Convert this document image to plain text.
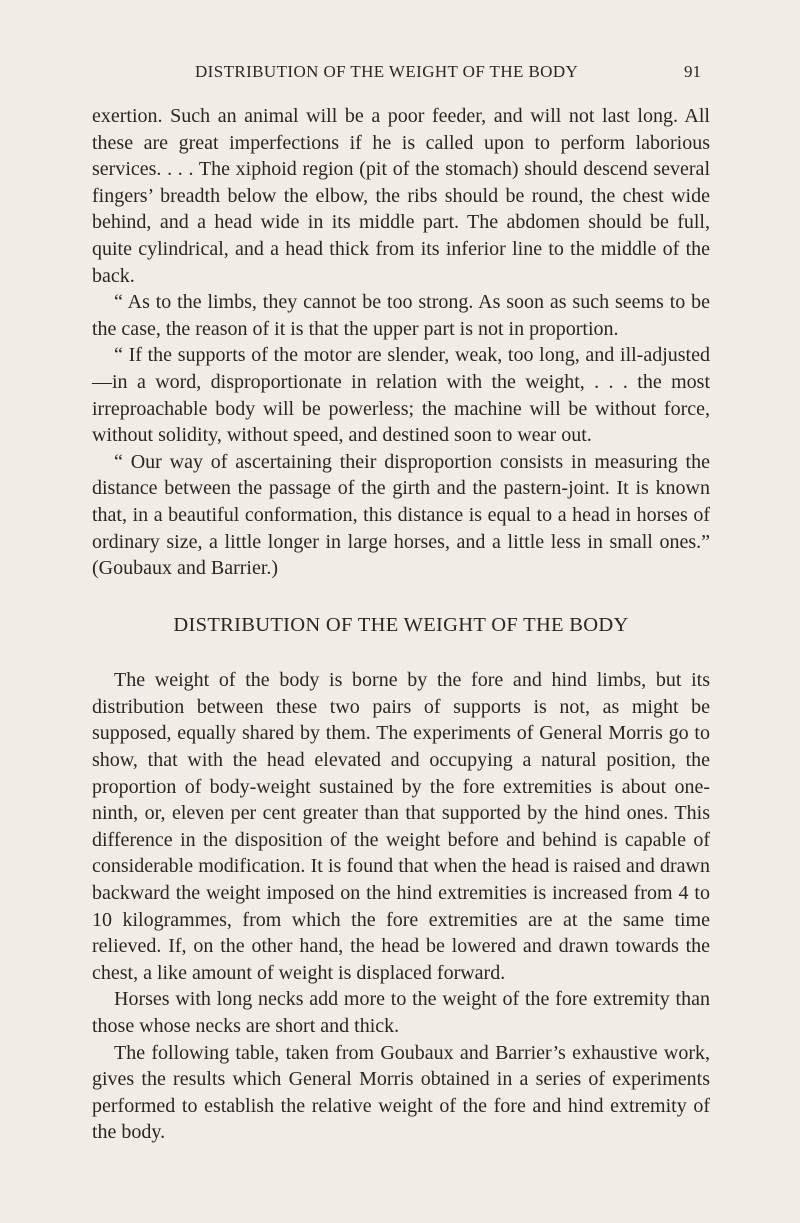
DISTRIBUTION OF THE WEIGHT OF THE BODY	91

exertion. Such an animal will be a poor feeder, and will not last long. All these are great imperfections if he is called upon to perform laborious services. . . . The xiphoid region (pit of the stomach) should descend several fingers’ breadth below the elbow, the ribs should be round, the chest wide behind, and a head wide in its middle part. The abdomen should be full, quite cylindrical, and a head thick from its inferior line to the middle of the back.

“ As to the limbs, they cannot be too strong. As soon as such seems to be the case, the reason of it is that the upper part is not in proportion.

“ If the supports of the motor are slender, weak, too long, and ill-adjusted—in a word, disproportionate in relation with the weight, . . . the most irreproachable body will be powerless; the machine will be without force, without solidity, without speed, and destined soon to wear out.

“ Our way of ascertaining their disproportion consists in measuring the distance between the passage of the girth and the pastern-joint. It is known that, in a beautiful conformation, this distance is equal to a head in horses of ordinary size, a little longer in large horses, and a little less in small ones.” (Goubaux and Barrier.)

DISTRIBUTION OF THE WEIGHT OF THE BODY

The weight of the body is borne by the fore and hind limbs, but its distribution between these two pairs of supports is not, as might be supposed, equally shared by them. The experiments of General Morris go to show, that with the head elevated and occupying a natural position, the proportion of body-weight sustained by the fore extremities is about one-ninth, or, eleven per cent greater than that supported by the hind ones. This difference in the disposition of the weight before and behind is capable of considerable modification. It is found that when the head is raised and drawn backward the weight imposed on the hind extremities is increased from 4 to 10 kilogrammes, from which the fore extremities are at the same time relieved. If, on the other hand, the head be lowered and drawn towards the chest, a like amount of weight is displaced forward.

Horses with long necks add more to the weight of the fore extremity than those whose necks are short and thick.

The following table, taken from Goubaux and Barrier’s exhaustive work, gives the results which General Morris obtained in a series of experiments performed to establish the relative weight of the fore and hind extremity of the body.
